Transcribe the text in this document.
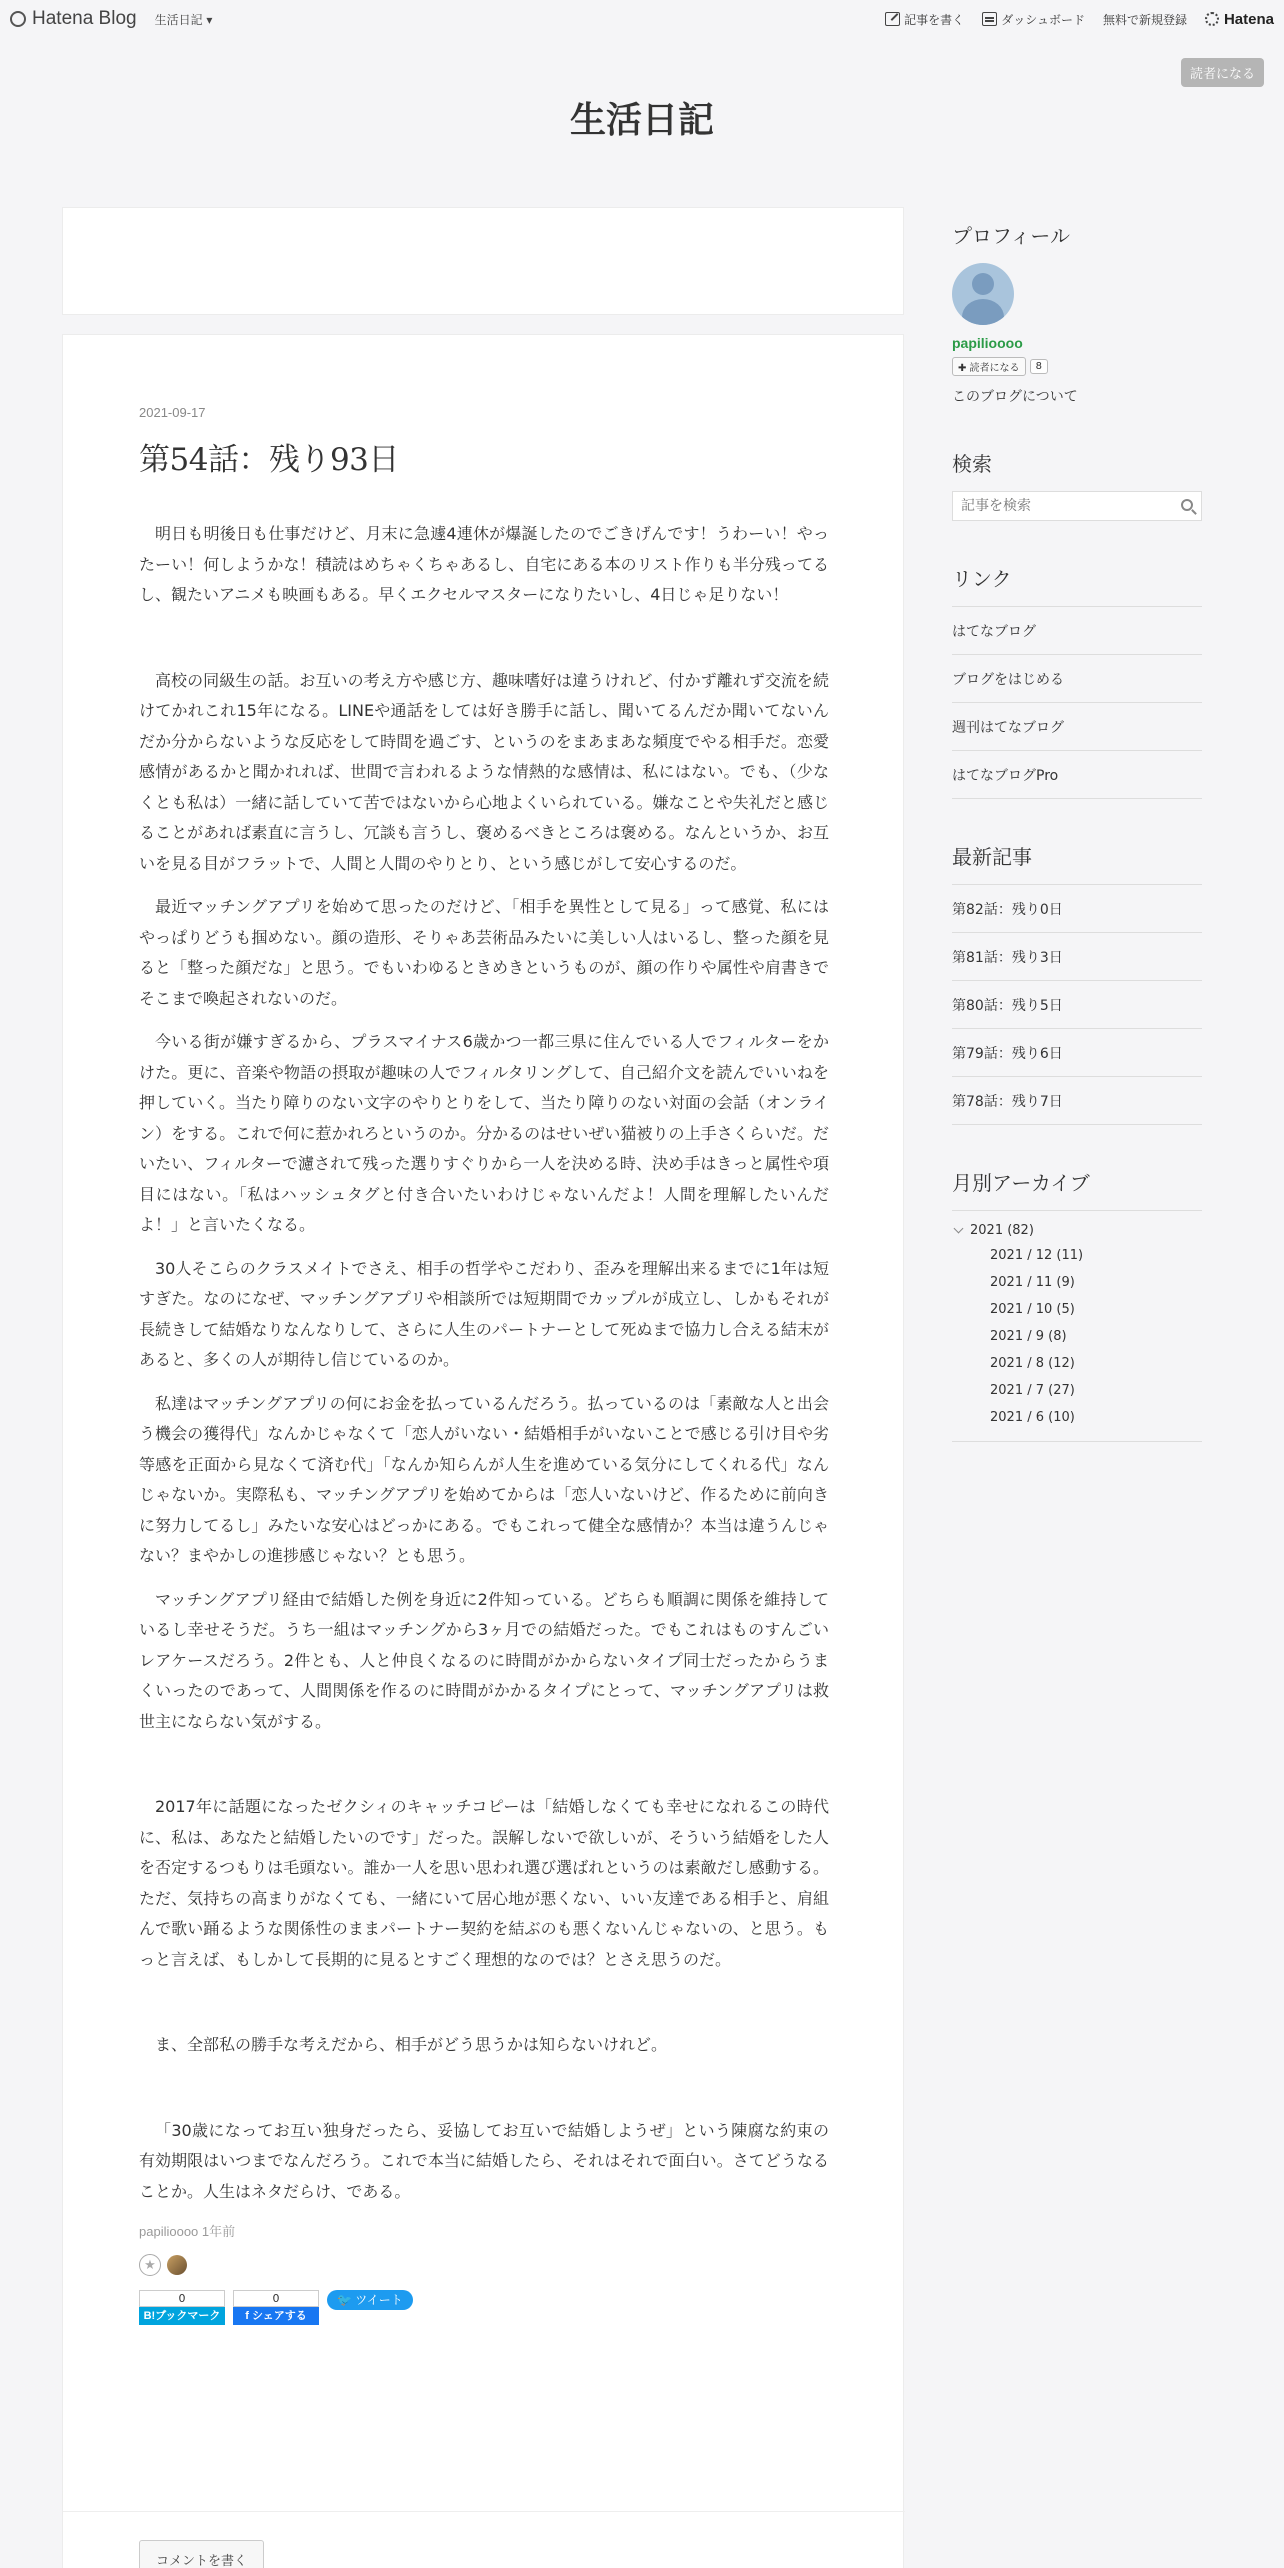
Hatena Blog 生活日記 ▾	記事を書く	ダッシュボード 無料で新規登録 Hatena
読者になる
生活日記
2021-09-17
第54話：残り93日

明日も明後日も仕事だけど、月末に急遽4連休が爆誕したのでごきげんです！うわーい！やったーい！何しようかな！積読はめちゃくちゃあるし、自宅にある本のリスト作りも半分残ってるし、観たいアニメも映画もある。早くエクセルマスターになりたいし、4日じゃ足りない！

高校の同級生の話。お互いの考え方や感じ方、趣味嗜好は違うけれど、付かず離れず交流を続けてかれこれ15年になる。LINEや通話をしては好き勝手に話し、聞いてるんだか聞いてないんだか分からないような反応をして時間を過ごす、というのをまあまあな頻度でやる相手だ。恋愛感情があるかと聞かれれば、世間で言われるような情熱的な感情は、私にはない。でも、（少なくとも私は）一緒に話していて苦ではないから心地よくいられている。嫌なことや失礼だと感じることがあれば素直に言うし、冗談も言うし、褒めるべきところは褒める。なんというか、お互いを見る目がフラットで、人間と人間のやりとり、という感じがして安心するのだ。

最近マッチングアプリを始めて思ったのだけど、「相手を異性として見る」って感覚、私にはやっぱりどうも掴めない。顔の造形、そりゃあ芸術品みたいに美しい人はいるし、整った顔を見ると「整った顔だな」と思う。でもいわゆるときめきというものが、顔の作りや属性や肩書きでそこまで喚起されないのだ。

今いる街が嫌すぎるから、プラスマイナス6歳かつ一都三県に住んでいる人でフィルターをかけた。更に、音楽や物語の摂取が趣味の人でフィルタリングして、自己紹介文を読んでいいねを押していく。当たり障りのない文字のやりとりをして、当たり障りのない対面の会話（オンライン）をする。これで何に惹かれろというのか。分かるのはせいぜい猫被りの上手さくらいだ。だいたい、フィルターで濾されて残った選りすぐりから一人を決める時、決め手はきっと属性や項目にはない。「私はハッシュタグと付き合いたいわけじゃないんだよ！人間を理解したいんだよ！」と言いたくなる。

30人そこらのクラスメイトでさえ、相手の哲学やこだわり、歪みを理解出来るまでに1年は短すぎた。なのになぜ、マッチングアプリや相談所では短期間でカップルが成立し、しかもそれが長続きして結婚なりなんなりして、さらに人生のパートナーとして死ぬまで協力し合える結末があると、多くの人が期待し信じているのか。

私達はマッチングアプリの何にお金を払っているんだろう。払っているのは「素敵な人と出会う機会の獲得代」なんかじゃなくて「恋人がいない・結婚相手がいないことで感じる引け目や劣等感を正面から見なくて済む代」「なんか知らんが人生を進めている気分にしてくれる代」なんじゃないか。実際私も、マッチングアプリを始めてからは「恋人いないけど、作るために前向きに努力してるし」みたいな安心はどっかにある。でもこれって健全な感情か？本当は違うんじゃない？まやかしの進捗感じゃない？とも思う。

マッチングアプリ経由で結婚した例を身近に2件知っている。どちらも順調に関係を維持しているし幸せそうだ。うち一組はマッチングから3ヶ月での結婚だった。でもこれはものすんごいレアケースだろう。2件とも、人と仲良くなるのに時間がかからないタイプ同士だったからうまくいったのであって、人間関係を作るのに時間がかかるタイプにとって、マッチングアプリは救世主にならない気がする。

2017年に話題になったゼクシィのキャッチコピーは「結婚しなくても幸せになれるこの時代に、私は、あなたと結婚したいのです」だった。誤解しないで欲しいが、そういう結婚をした人を否定するつもりは毛頭ない。誰か一人を思い思われ選び選ばれというのは素敵だし感動する。ただ、気持ちの高まりがなくても、一緒にいて居心地が悪くない、いい友達である相手と、肩組んで歌い踊るような関係性のままパートナー契約を結ぶのも悪くないんじゃないの、と思う。もっと言えば、もしかして長期的に見るとすごく理想的なのでは？とさえ思うのだ。

ま、全部私の勝手な考えだから、相手がどう思うかは知らないけれど。

「30歳になってお互い独身だったら、妥協してお互いで結婚しようぜ」という陳腐な約束の有効期限はいつまでなんだろう。これで本当に結婚したら、それはそれで面白い。さてどうなることか。人生はネタだらけ、である。

papilioooo 1年前
★
0
B!ブックマーク
0
f シェアする
🐦 ツイート
コメントを書く
プロフィール
papilioooo
✚ 読者になる	8
このブログについて
検索
記事を検索
リンク
はてなブログ
ブログをはじめる
週刊はてなブログ
はてなブログPro
最新記事
第82話：残り0日
第81話：残り3日
第80話：残り5日
第79話：残り6日
第78話：残り7日
月別アーカイブ
2021 (82)
2021 / 12 (11)
2021 / 11 (9)
2021 / 10 (5)
2021 / 9 (8)
2021 / 8 (12)
2021 / 7 (27)
2021 / 6 (10)
